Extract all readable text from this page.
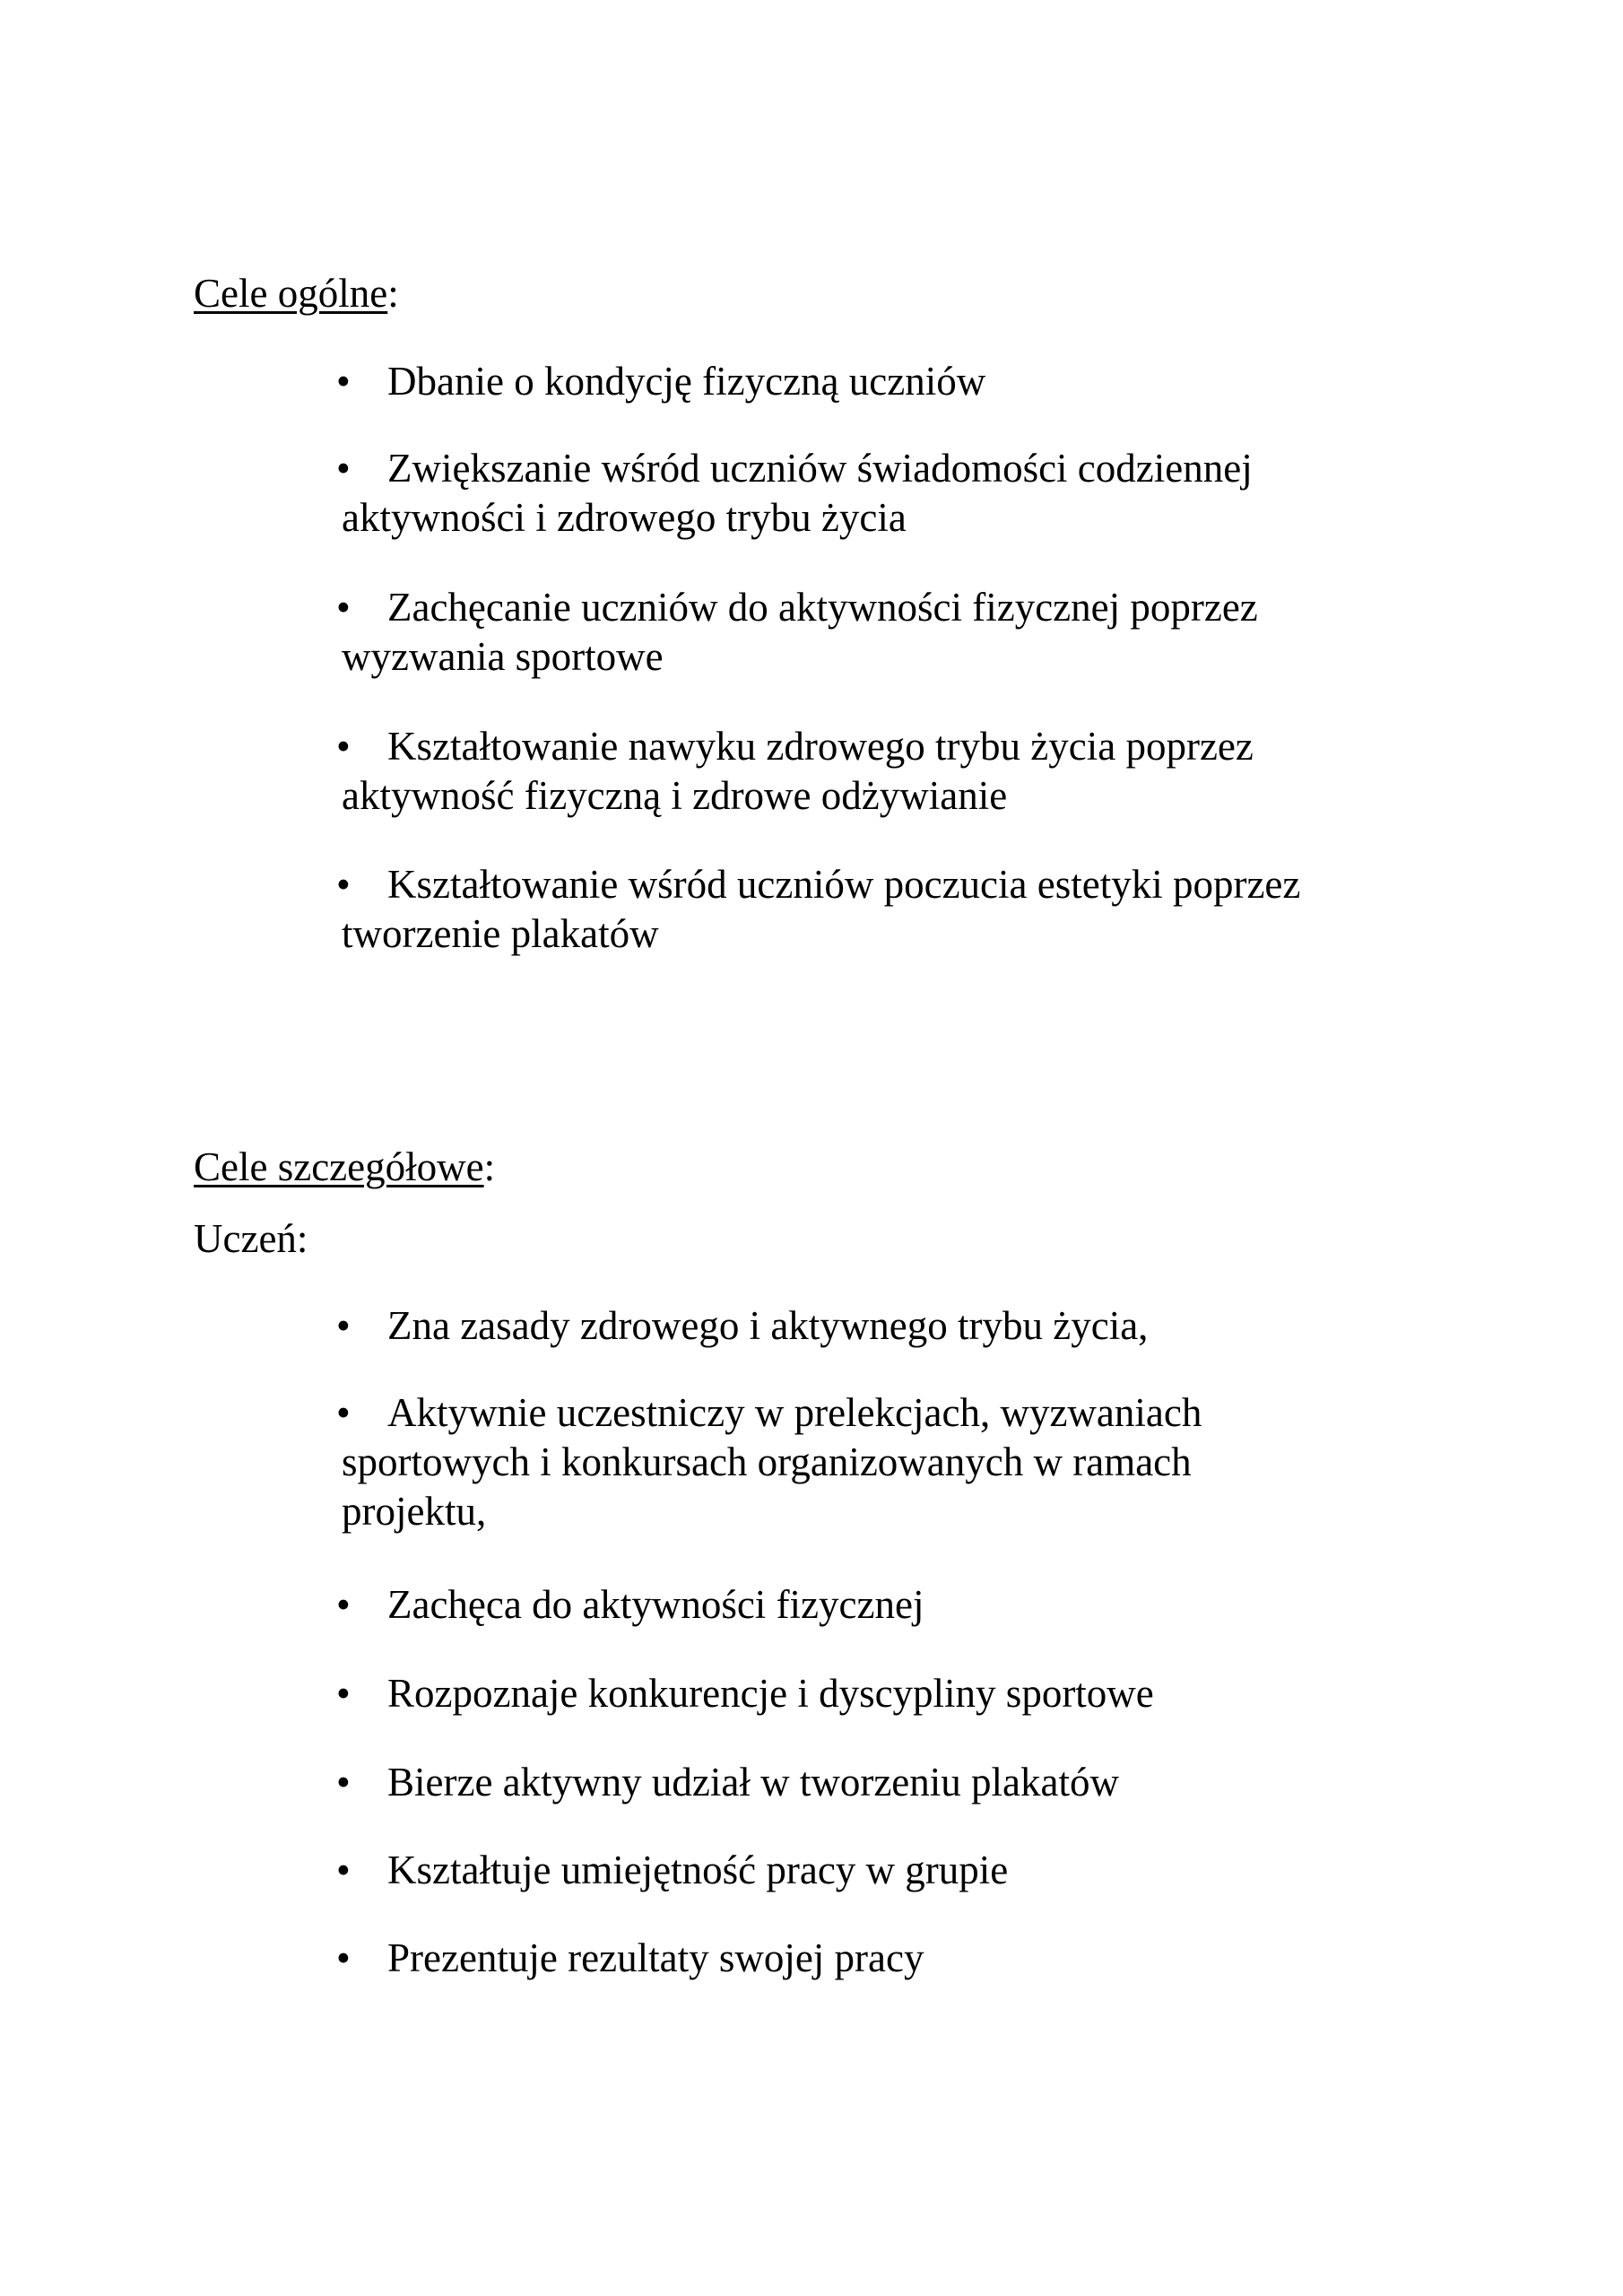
Cele ogólne:
• Dbanie o kondycję fizyczną uczniów
• Zwiększanie wśród uczniów świadomości codziennej
aktywności i zdrowego trybu życia
• Zachęcanie uczniów do aktywności fizycznej poprzez
wyzwania sportowe
• Kształtowanie nawyku zdrowego trybu życia poprzez
aktywność fizyczną i zdrowe odżywianie
• Kształtowanie wśród uczniów poczucia estetyki poprzez
tworzenie plakatów
Cele szczegółowe:
Uczeń:
• Zna zasady zdrowego i aktywnego trybu życia,
• Aktywnie uczestniczy w prelekcjach, wyzwaniach
sportowych i konkursach organizowanych w ramach
projektu,
• Zachęca do aktywności fizycznej
• Rozpoznaje konkurencje i dyscypliny sportowe
• Bierze aktywny udział w tworzeniu plakatów
• Kształtuje umiejętność pracy w grupie
• Prezentuje rezultaty swojej pracy
